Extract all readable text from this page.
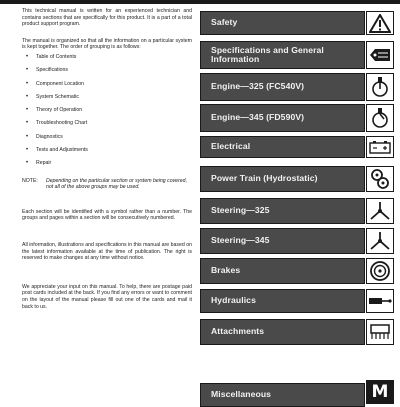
This technical manual is written for an experienced technician and contains sections that are specifically for this product. It is a part of a total product support program.

The manual is organized so that all the information on a particular system is kept together. The order of grouping is as follows:

• Table of Contents
• Specifications
• Component Location
• System Schematic
• Theory of Operation
• Troubleshooting Chart
• Diagnostics
• Tests and Adjustments
• Repair
NOTE:	Depending on the particular section or system being covered, not all of the above groups may be used.

Each section will be identified with a symbol rather than a number. The groups and pages within a section will be consecutively numbered.

All information, illustrations and specifications in this manual are based on the latest information available at the time of publication. The right is reserved to make changes at any time without notice.

We appreciate your input on this manual. To help, there are postage paid post cards included at the back. If you find any errors or want to comment on the layout of the manual please fill out one of the cards and mail it back to us.

Safety
Specifications and General Information
Engine—325 (FC540V)
Engine—345 (FD590V)
Electrical
Power Train (Hydrostatic)
Steering—325
Steering—345
Brakes
Hydraulics
Attachments
Miscellaneous	M
